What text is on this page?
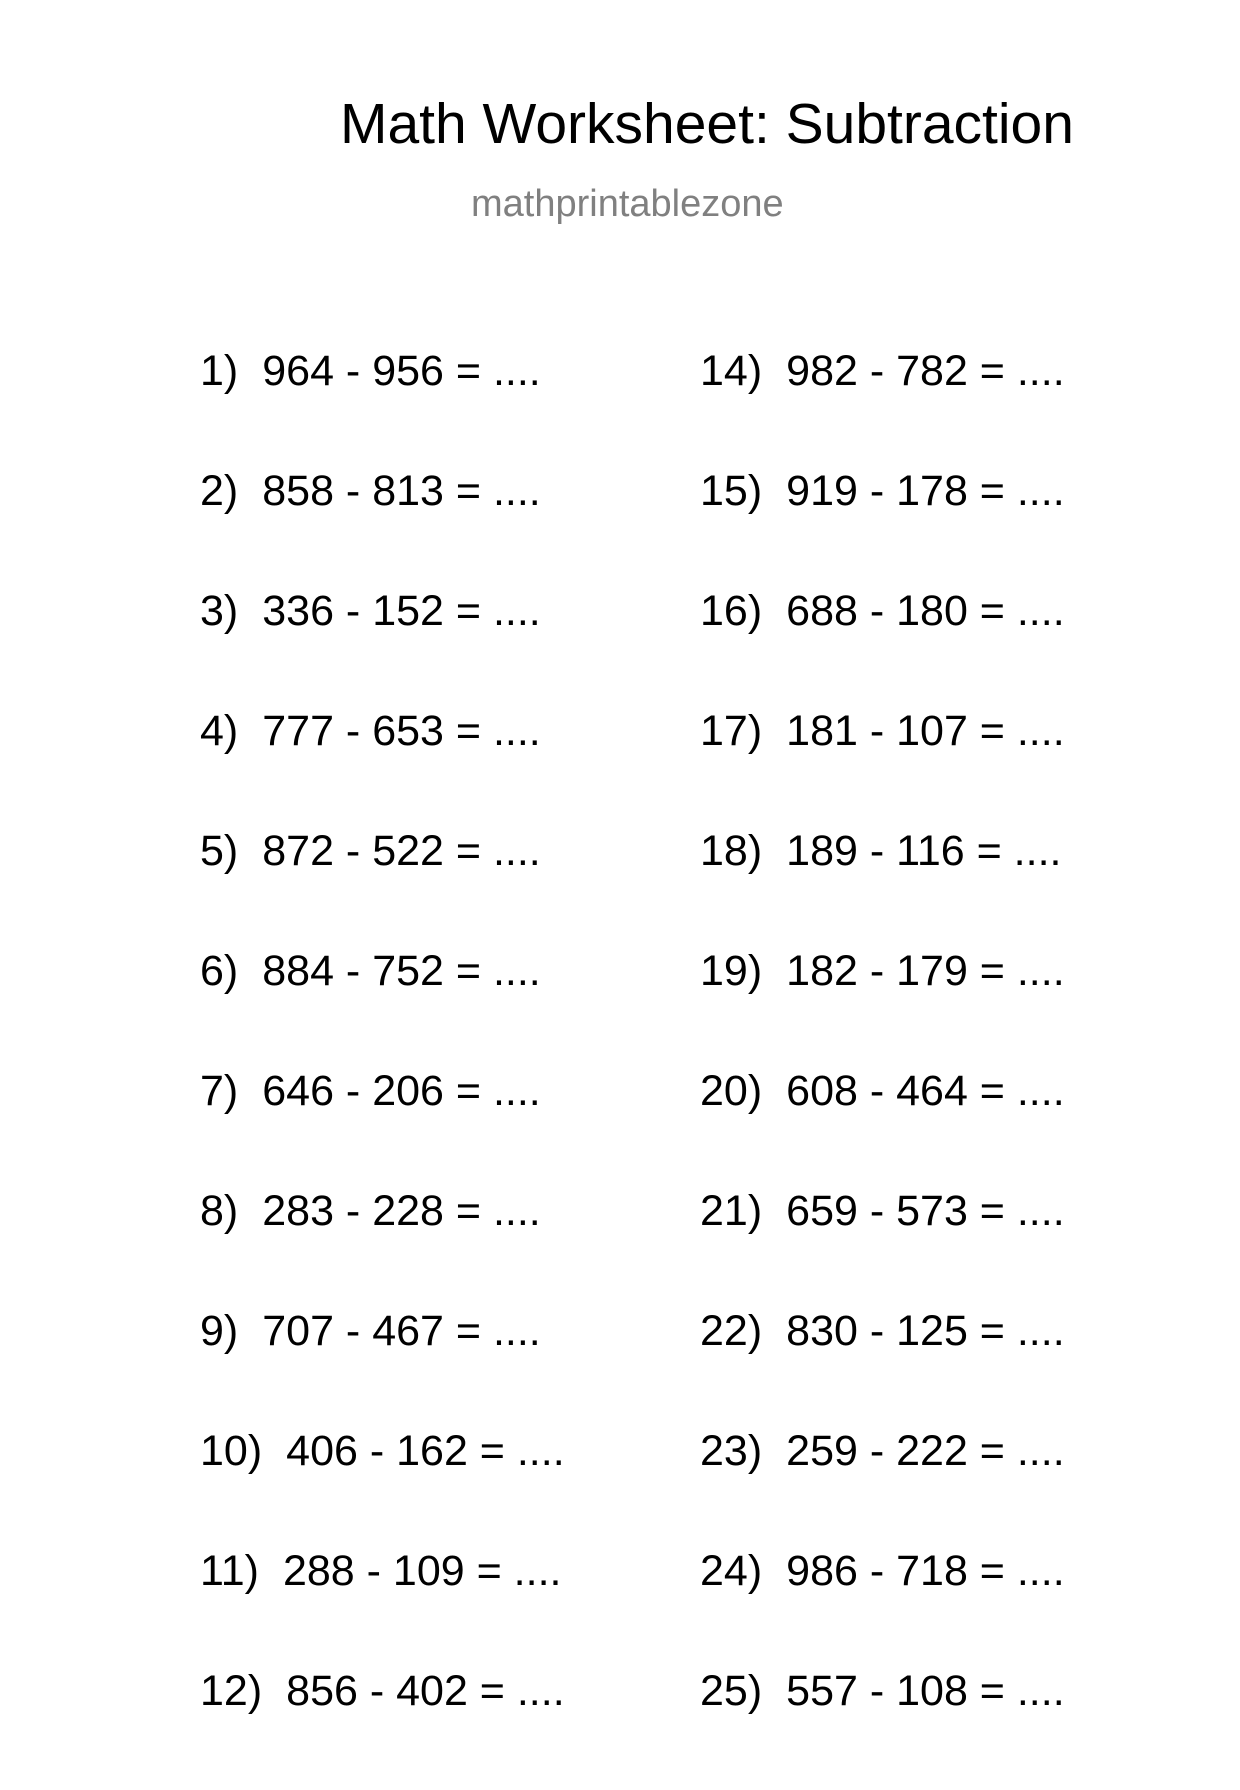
Math Worksheet: Subtraction
mathprintablezone
1) 964 - 956 = ....
2) 858 - 813 = ....
3) 336 - 152 = ....
4) 777 - 653 = ....
5) 872 - 522 = ....
6) 884 - 752 = ....
7) 646 - 206 = ....
8) 283 - 228 = ....
9) 707 - 467 = ....
10) 406 - 162 = ....
11) 288 - 109 = ....
12) 856 - 402 = ....
14) 982 - 782 = ....
15) 919 - 178 = ....
16) 688 - 180 = ....
17) 181 - 107 = ....
18) 189 - 116 = ....
19) 182 - 179 = ....
20) 608 - 464 = ....
21) 659 - 573 = ....
22) 830 - 125 = ....
23) 259 - 222 = ....
24) 986 - 718 = ....
25) 557 - 108 = ....
